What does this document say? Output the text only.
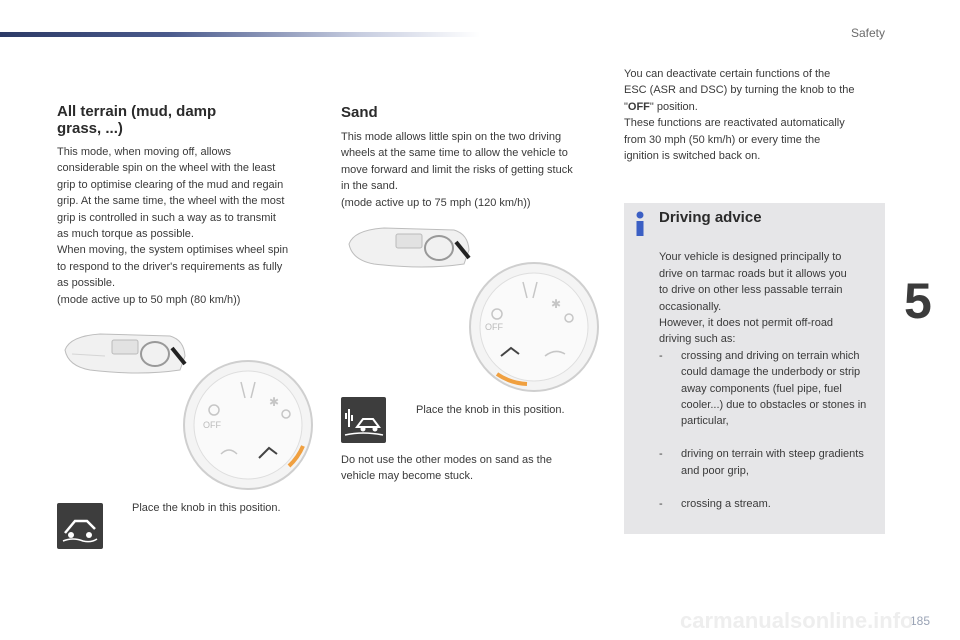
Safety
5
185
All terrain (mud, damp
grass, ...)

This mode, when moving off, allows
considerable spin on the wheel with the least
grip to optimise clearing of the mud and regain
grip. At the same time, the wheel with the most
grip is controlled in such a way as to transmit
as much torque as possible.
When moving, the system optimises wheel spin
to respond to the driver's requirements as fully
as possible.
(mode active up to 50 mph (80 km/h))

OFF
✱
Place the knob in this position.
Sand

This mode allows little spin on the two driving
wheels at the same time to allow the vehicle to
move forward and limit the risks of getting stuck
in the sand.
(mode active up to 75 mph (120 km/h))

OFF
✱
Place the knob in this position.

Do not use the other modes on sand as the
vehicle may become stuck.

You can deactivate certain functions of the
ESC (ASR and DSC) by turning the knob to the
"OFF" position.
These functions are reactivated automatically
from 30 mph (50 km/h) or every time the
ignition is switched back on.

Driving advice

Your vehicle is designed principally to
drive on tarmac roads but it allows you
to drive on other less passable terrain
occasionally.
However, it does not permit off-road
driving such as:

- crossing and driving on terrain which could damage the underbody or strip away components (fuel pipe, fuel cooler...) due to obstacles or stones in particular,

- driving on terrain with steep gradients and poor grip,

- crossing a stream.

carmanualsonline.info
